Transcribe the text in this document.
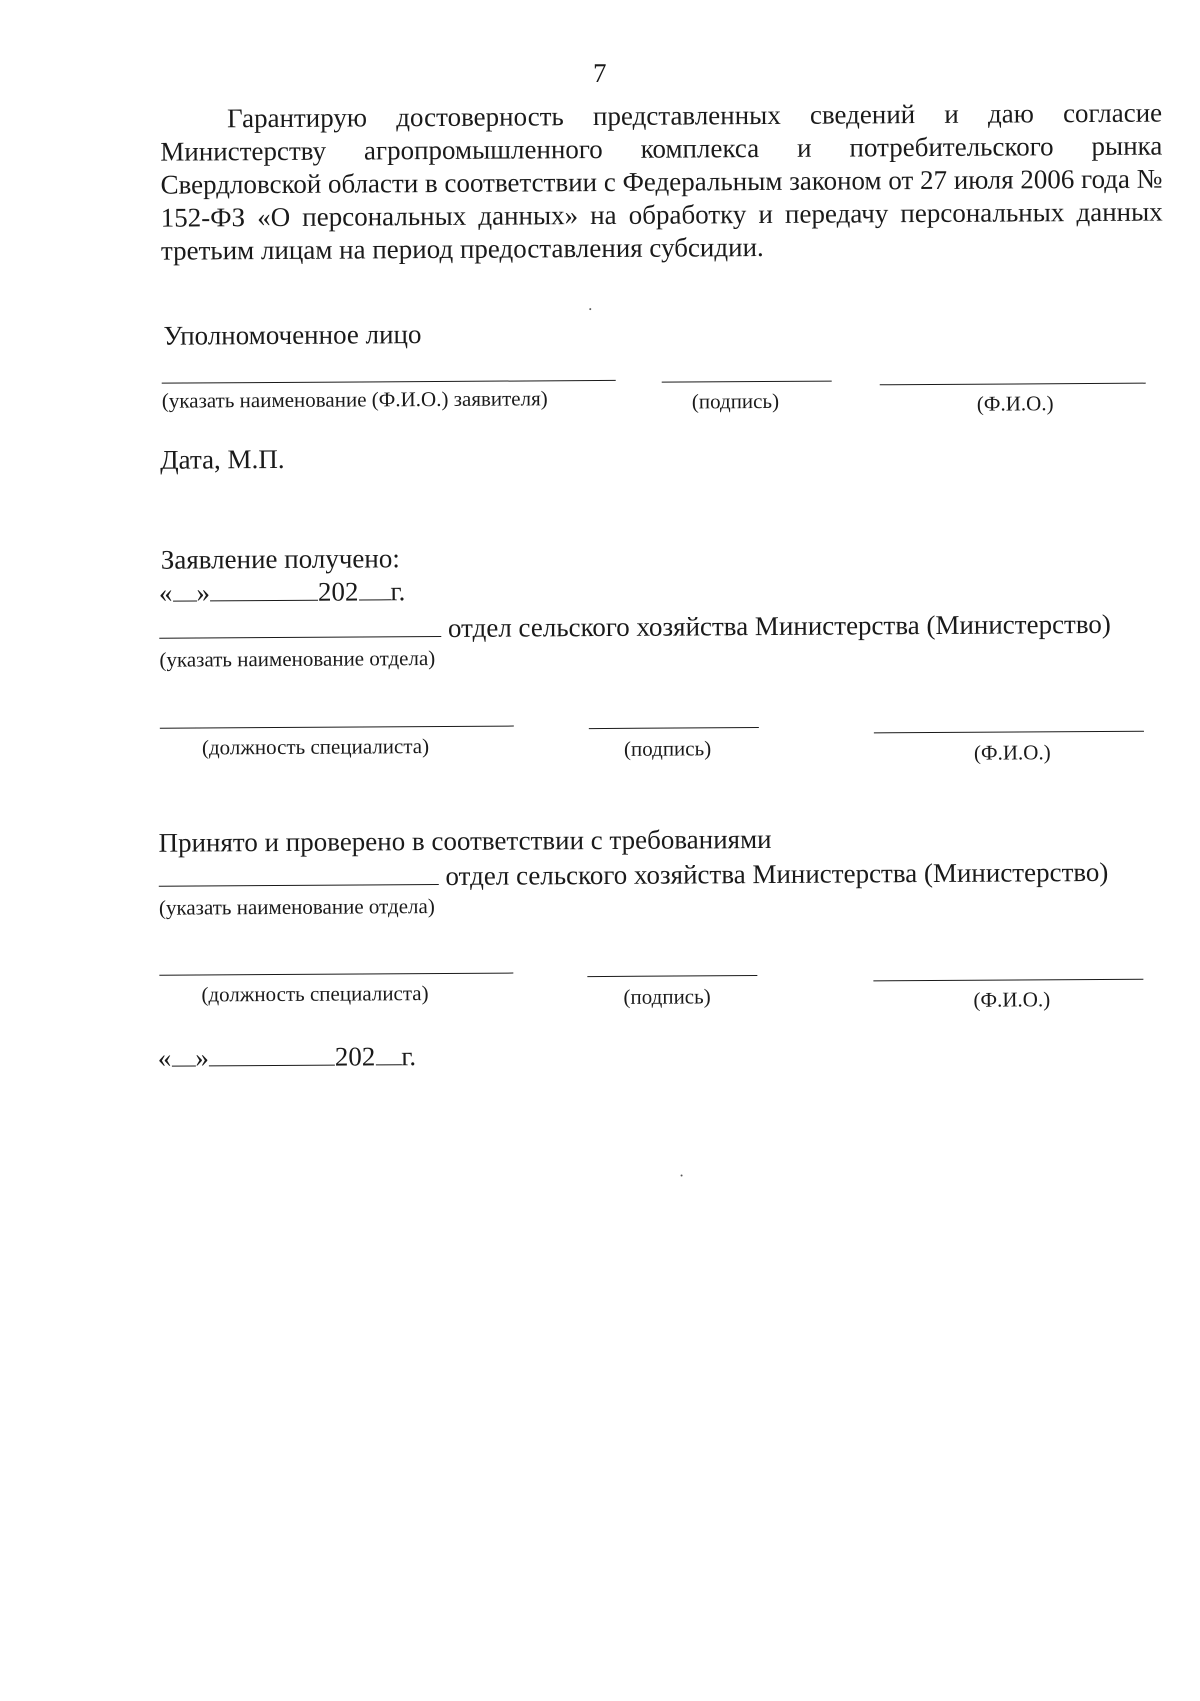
7
Гарантирую достоверность представленных сведений и даю согласие Министерству агропромышленного комплекса и потребительского рынка Свердловской области в соответствии с Федеральным законом от 27 июля 2006 года № 152-ФЗ «О персональных данных» на обработку и передачу персональных данных третьим лицам на период предоставления субсидии.
Уполномоченное лицо
(указать наименование (Ф.И.О.) заявителя)	(подпись)	(Ф.И.О.)
Дата, М.П.
Заявление получено:
« »	202 г.
отдел сельского хозяйства Министерства (Министерство)
(указать наименование отдела)
(должность специалиста)	(подпись)	(Ф.И.О.)
Принято и проверено в соответствии с требованиями
отдел сельского хозяйства Министерства (Министерство)
(указать наименование отдела)
(должность специалиста)	(подпись)	(Ф.И.О.)
« »	202 г.
